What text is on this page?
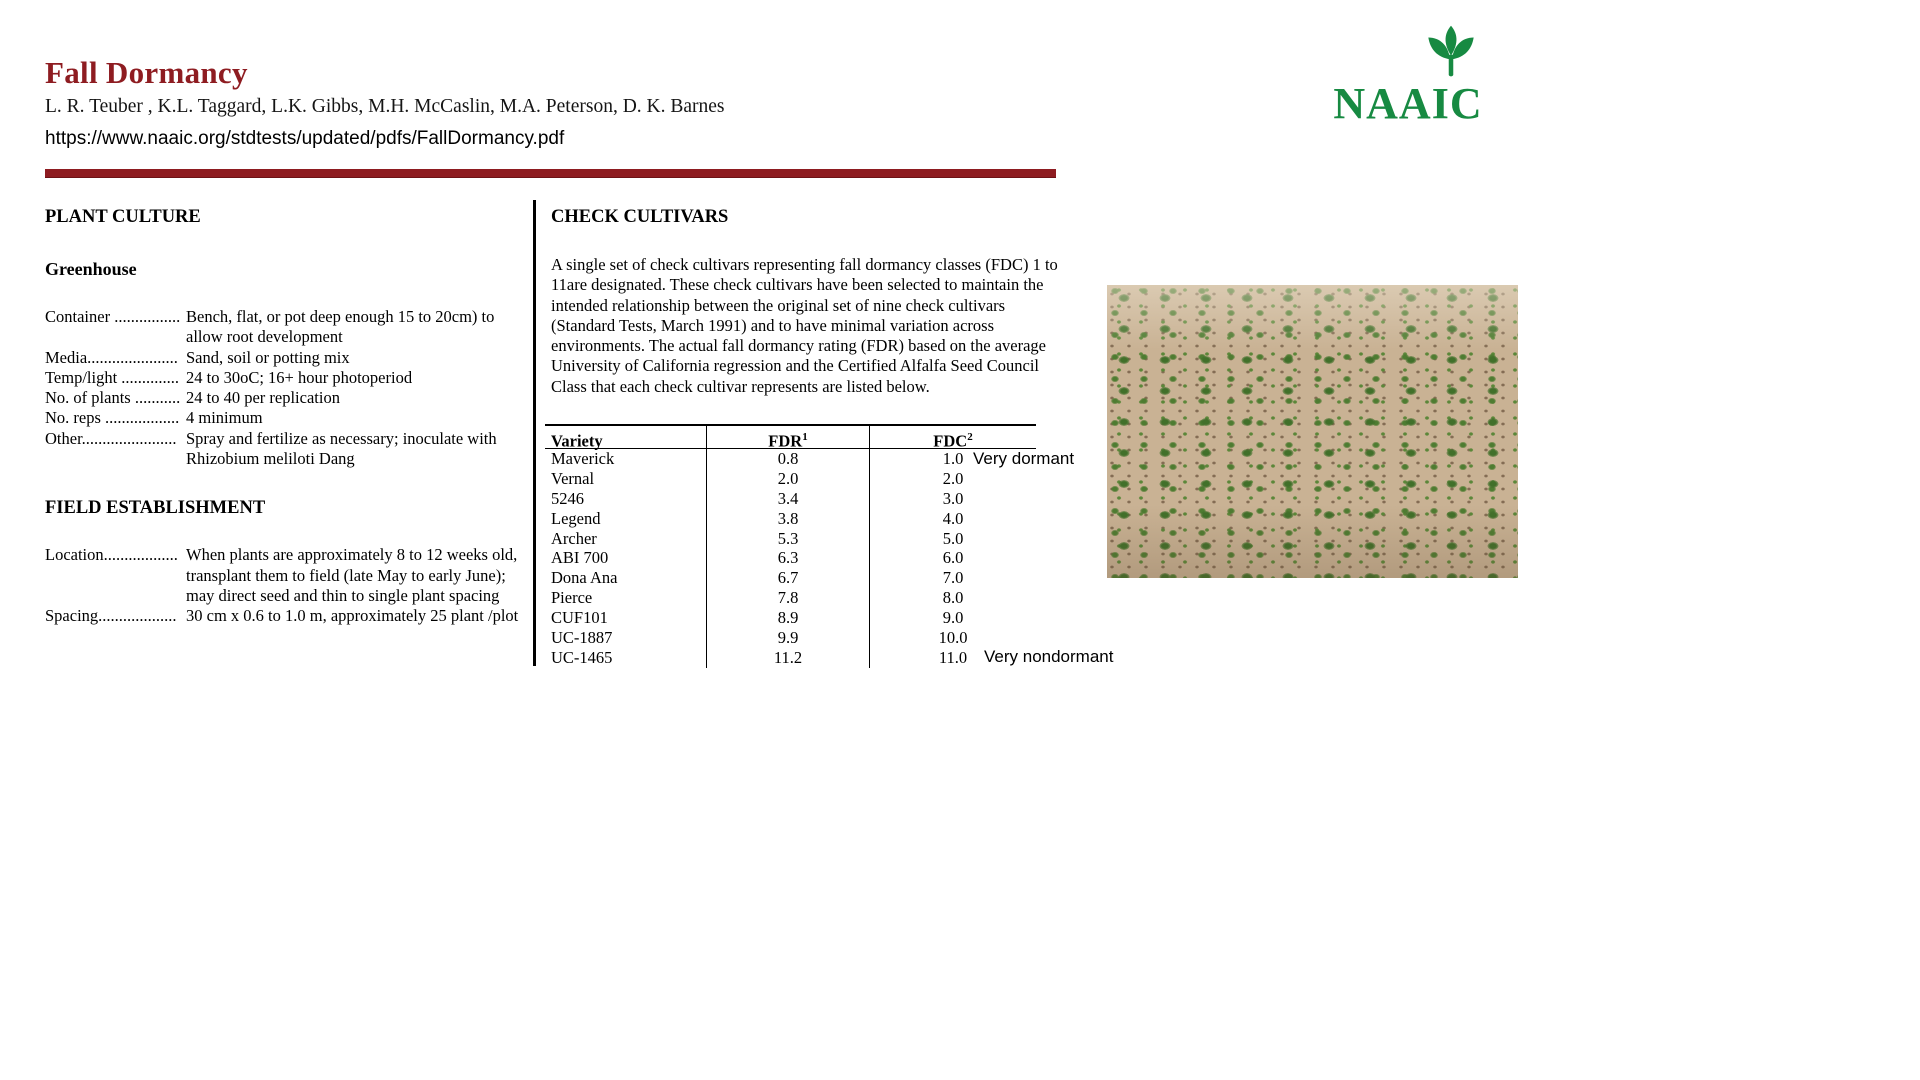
Fall Dormancy
L. R. Teuber , K.L. Taggard, L.K. Gibbs, M.H. McCaslin, M.A. Peterson, D. K. Barnes
https://www.naaic.org/stdtests/updated/pdfs/FallDormancy.pdf
NAAIC
PLANT CULTURE
Greenhouse
Container ................ Bench, flat, or pot deep enough 15 to 20cm) to allow root development
Media...................... Sand, soil or potting mix
Temp/light .............. 24 to 30oC; 16+ hour photoperiod
No. of plants ........... 24 to 40 per replication
No. reps .................. 4 minimum
Other....................... Spray and fertilize as necessary; inoculate with Rhizobium meliloti Dang
FIELD ESTABLISHMENT
Location.................. When plants are approximately 8 to 12 weeks old, transplant them to field (late May to early June); may direct seed and thin to single plant spacing
Spacing................... 30 cm x 0.6 to 1.0 m, approximately 25 plant /plot
CHECK CULTIVARS
A single set of check cultivars representing fall dormancy classes (FDC) 1 to 11are designated. These check cultivars have been selected to maintain the intended relationship between the original set of nine check cultivars (Standard Tests, March 1991) and to have minimal variation across environments. The actual fall dormancy rating (FDR) based on the average University of California regression and the Certified Alfalfa Seed Council Class that each check cultivar represents are listed below.
Variety	FDR$^1$	FDC$^2$
Maverick	0.8	1.0
Vernal	2.0	2.0
5246	3.4	3.0
Legend	3.8	4.0
Archer	5.3	5.0
ABI 700	6.3	6.0
Dona Ana	6.7	7.0
Pierce	7.8	8.0
CUF101	8.9	9.0
UC-1887	9.9	10.0
UC-1465	11.2	11.0
Very dormant
Very nondormant
